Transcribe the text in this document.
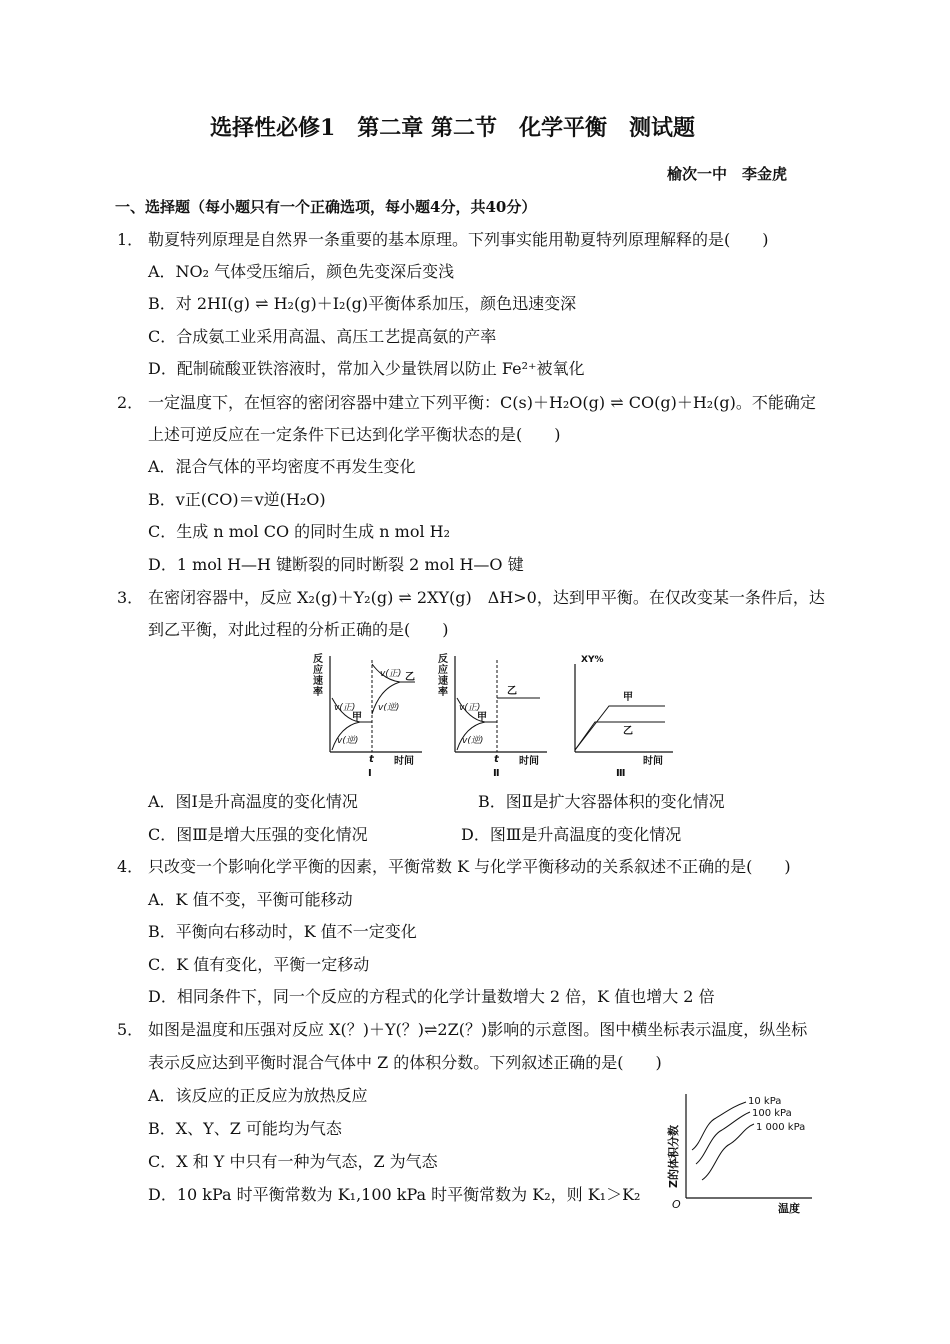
选择性必修1　第二章 第二节　化学平衡　测试题
榆次一中　李金虎
一、选择题（每小题只有一个正确选项，每小题4分，共40分）
1． 勒夏特列原理是自然界一条重要的基本原理。下列事实能用勒夏特列原理解释的是(　　)
A．NO₂ 气体受压缩后，颜色先变深后变浅
B．对 2HI(g) ⇌ H₂(g)＋I₂(g)平衡体系加压，颜色迅速变深
C．合成氨工业采用高温、高压工艺提高氨的产率
D．配制硫酸亚铁溶液时，常加入少量铁屑以防止 Fe²⁺被氧化
2． 一定温度下，在恒容的密闭容器中建立下列平衡：C(s)＋H₂O(g) ⇌ CO(g)＋H₂(g)。不能确定
上述可逆反应在一定条件下已达到化学平衡状态的是(　　)
A．混合气体的平均密度不再发生变化
B．v正(CO)＝v逆(H₂O)
C．生成 n mol CO 的同时生成 n mol H₂
D．1 mol H—H 键断裂的同时断裂 2 mol H—O 键
3． 在密闭容器中，反应 X₂(g)＋Y₂(g) ⇌ 2XY(g)　ΔH>0，达到甲平衡。在仅改变某一条件后，达
到乙平衡，对此过程的分析正确的是(　　)
反
应
速
率
v(正)
v(逆)
v(正)
v(逆)
甲
乙
t 时间
Ⅰ
反
应
速
率
v(正)
v(逆)
甲
乙
t 时间
Ⅱ
XY%
甲
乙
时间
Ⅲ
A．图Ⅰ是升高温度的变化情况	B．图Ⅱ是扩大容器体积的变化情况
C．图Ⅲ是增大压强的变化情况	D．图Ⅲ是升高温度的变化情况
4． 只改变一个影响化学平衡的因素，平衡常数 K 与化学平衡移动的关系叙述不正确的是(　　)
A．K 值不变，平衡可能移动
B．平衡向右移动时，K 值不一定变化
C．K 值有变化，平衡一定移动
D．相同条件下，同一个反应的方程式的化学计量数增大 2 倍，K 值也增大 2 倍
5． 如图是温度和压强对反应 X(？)＋Y(？)⇌2Z(？)影响的示意图。图中横坐标表示温度，纵坐标
表示反应达到平衡时混合气体中 Z 的体积分数。下列叙述正确的是(　　)
A．该反应的正反应为放热反应
B．X、Y、Z 可能均为气态
C．X 和 Y 中只有一种为气态，Z 为气态
D．10 kPa 时平衡常数为 K₁,100 kPa 时平衡常数为 K₂，则 K₁＞K₂
Z的体积分数
10 kPa
100 kPa
1 000 kPa
O	温度
